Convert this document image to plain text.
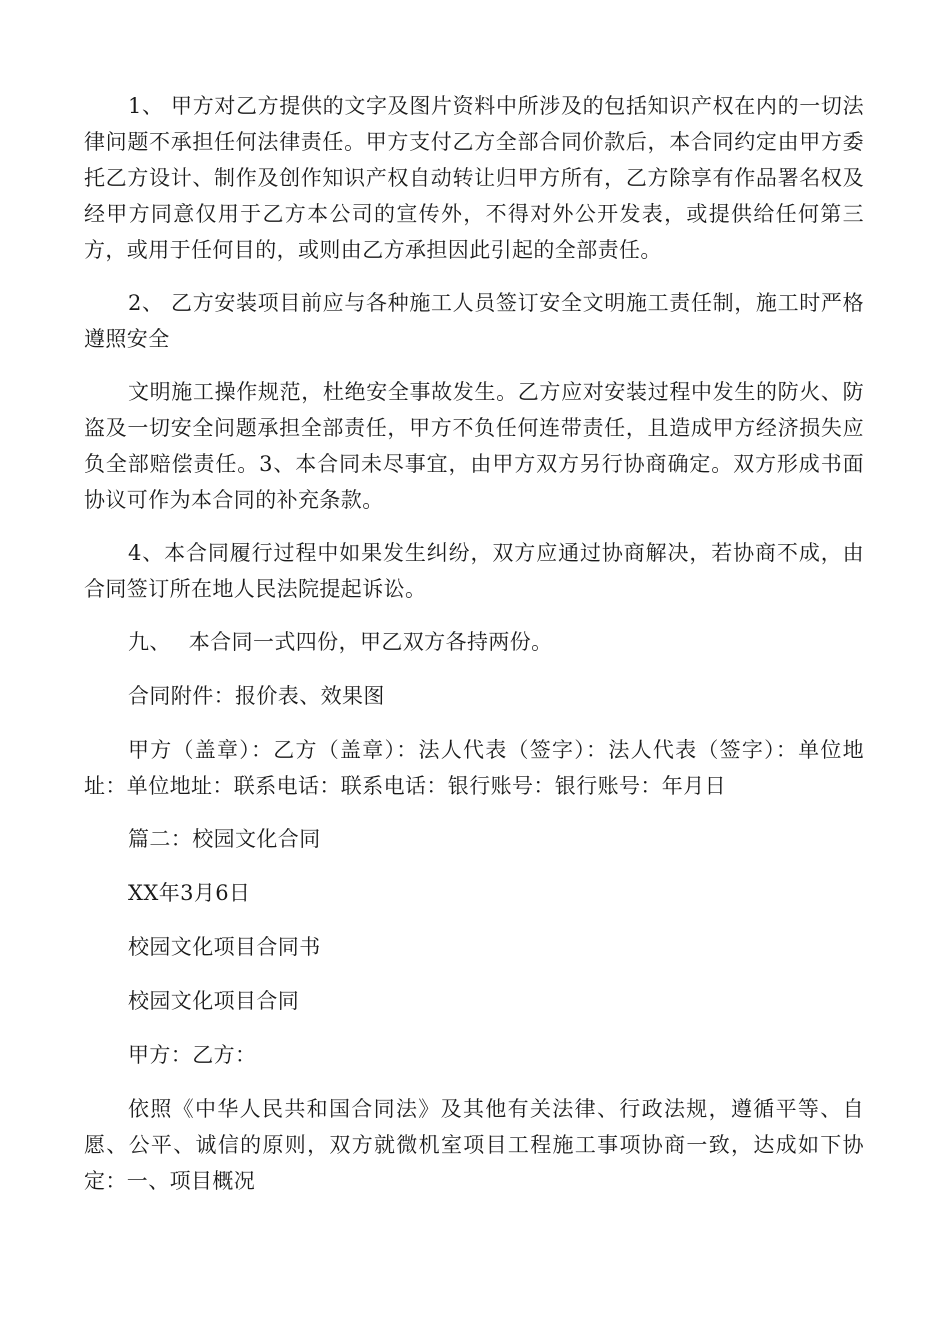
1、 甲方对乙方提供的文字及图片资料中所涉及的包括知识产权在内的一切法律问题不承担任何法律责任。甲方支付乙方全部合同价款后，本合同约定由甲方委托乙方设计、制作及创作知识产权自动转让归甲方所有，乙方除享有作品署名权及经甲方同意仅用于乙方本公司的宣传外，不得对外公开发表，或提供给任何第三方，或用于任何目的，或则由乙方承担因此引起的全部责任。

2、 乙方安装项目前应与各种施工人员签订安全文明施工责任制，施工时严格遵照安全

文明施工操作规范，杜绝安全事故发生。乙方应对安装过程中发生的防火、防盗及一切安全问题承担全部责任，甲方不负任何连带责任，且造成甲方经济损失应负全部赔偿责任。3、本合同未尽事宜，由甲方双方另行协商确定。双方形成书面协议可作为本合同的补充条款。

4、本合同履行过程中如果发生纠纷，双方应通过协商解决，若协商不成，由合同签订所在地人民法院提起诉讼。

九、　 本合同一式四份，甲乙双方各持两份。

合同附件：报价表、效果图

甲方（盖章）：乙方（盖章）：法人代表（签字）：法人代表（签字）：单位地址：单位地址：联系电话：联系电话：银行账号：银行账号：年月日

篇二：校园文化合同

XX年3月6日

校园文化项目合同书

校园文化项目合同

甲方：乙方：

依照《中华人民共和国合同法》及其他有关法律、行政法规，遵循平等、自愿、公平、诚信的原则，双方就微机室项目工程施工事项协商一致，达成如下协定：一、项目概况
